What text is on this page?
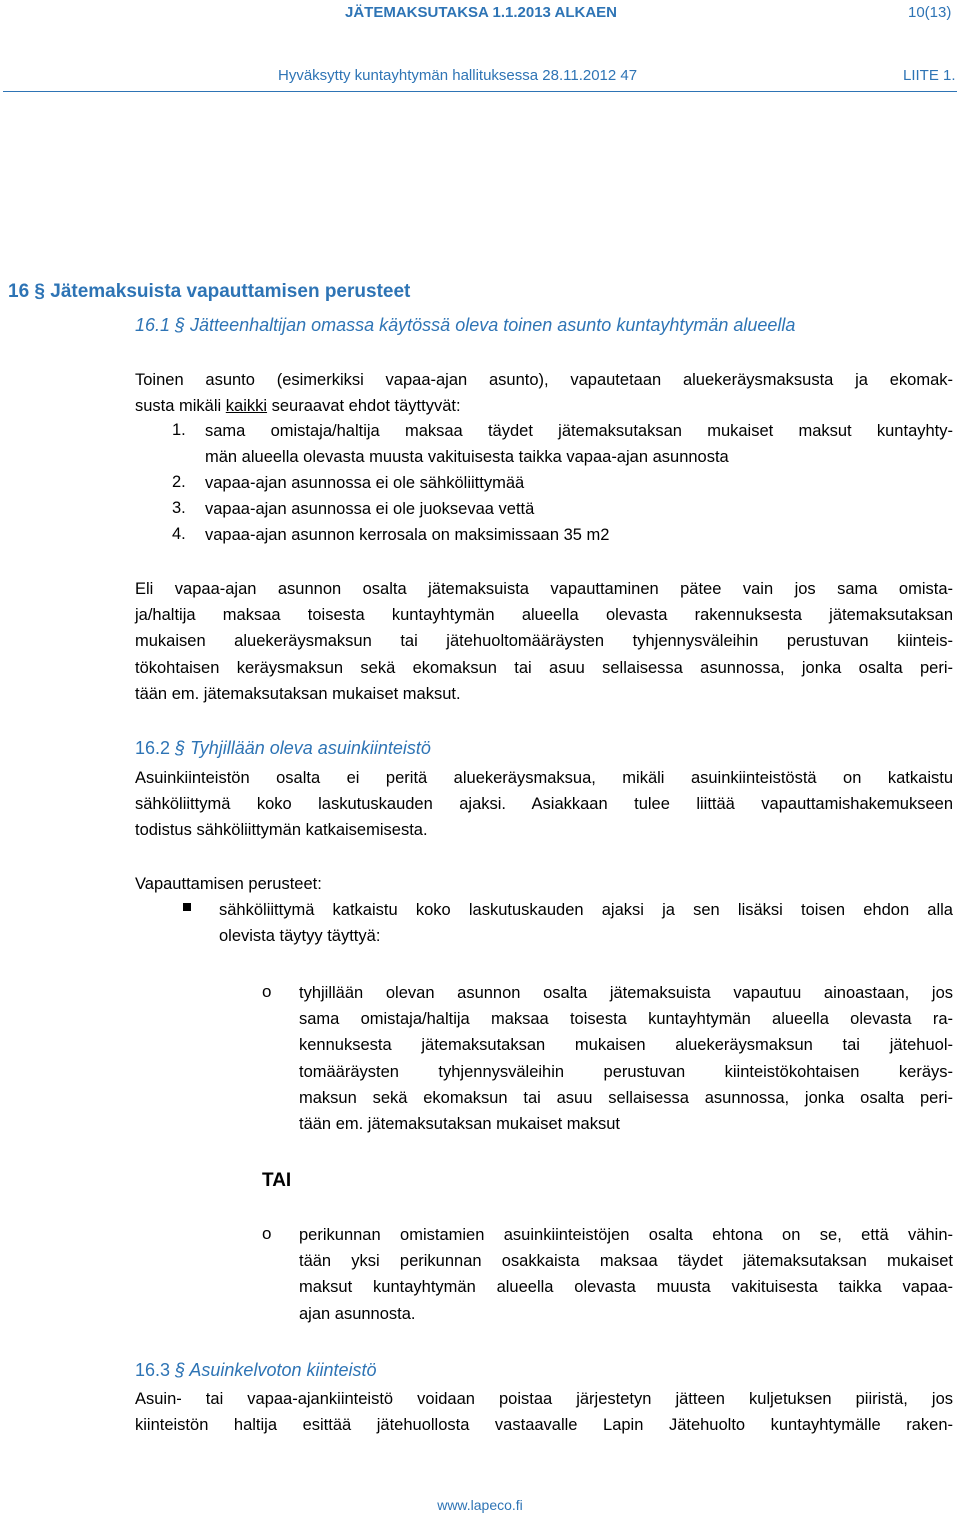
JÄTEMAKSUTAKSA 1.1.2013 ALKAEN	10(13)
Hyväksytty kuntayhtymän hallituksessa 28.11.2012 47	LIITE 1.
16 § Jätemaksuista vapauttamisen perusteet
16.1 § Jätteenhaltijan omassa käytössä oleva toinen asunto kuntayhtymän alueella
Toinen asunto (esimerkiksi vapaa-ajan asunto), vapautetaan aluekeräysmaksusta ja ekomak-
susta mikäli kaikki seuraavat ehdot täyttyvät:
1. sama omistaja/haltija maksaa täydet jätemaksutaksan mukaiset maksut kuntayhty-
män alueella olevasta muusta vakituisesta taikka vapaa-ajan asunnosta
2. vapaa-ajan asunnossa ei ole sähköliittymää
3. vapaa-ajan asunnossa ei ole juoksevaa vettä
4. vapaa-ajan asunnon kerrosala on maksimissaan 35 m2
Eli vapaa-ajan asunnon osalta jätemaksuista vapauttaminen pätee vain jos sama omista-
ja/haltija maksaa toisesta kuntayhtymän alueella olevasta rakennuksesta jätemaksutaksan
mukaisen aluekeräysmaksun tai jätehuoltomääräysten tyhjennysväleihin perustuvan kiinteis-
tökohtaisen keräysmaksun sekä ekomaksun tai asuu sellaisessa asunnossa, jonka osalta peri-
tään em. jätemaksutaksan mukaiset maksut.
16.2 § Tyhjillään oleva asuinkiinteistö
Asuinkiinteistön osalta ei peritä aluekeräysmaksua, mikäli asuinkiinteistöstä on katkaistu
sähköliittymä koko laskutuskauden ajaksi. Asiakkaan tulee liittää vapauttamishakemukseen
todistus sähköliittymän katkaisemisesta.
Vapauttamisen perusteet:
sähköliittymä katkaistu koko laskutuskauden ajaksi ja sen lisäksi toisen ehdon alla
olevista täytyy täyttyä:
o tyhjillään olevan asunnon osalta jätemaksuista vapautuu ainoastaan, jos
sama omistaja/haltija maksaa toisesta kuntayhtymän alueella olevasta ra-
kennuksesta jätemaksutaksan mukaisen aluekeräysmaksun tai jätehuol-
tomääräysten tyhjennysväleihin perustuvan kiinteistökohtaisen keräys-
maksun sekä ekomaksun tai asuu sellaisessa asunnossa, jonka osalta peri-
tään em. jätemaksutaksan mukaiset maksut
TAI
o perikunnan omistamien asuinkiinteistöjen osalta ehtona on se, että vähin-
tään yksi perikunnan osakkaista maksaa täydet jätemaksutaksan mukaiset
maksut kuntayhtymän alueella olevasta muusta vakituisesta taikka vapaa-
ajan asunnosta.
16.3 § Asuinkelvoton kiinteistö
Asuin- tai vapaa-ajankiinteistö voidaan poistaa järjestetyn jätteen kuljetuksen piiristä, jos
kiinteistön haltija esittää jätehuollosta vastaavalle Lapin Jätehuolto kuntayhtymälle raken-
www.lapeco.fi
